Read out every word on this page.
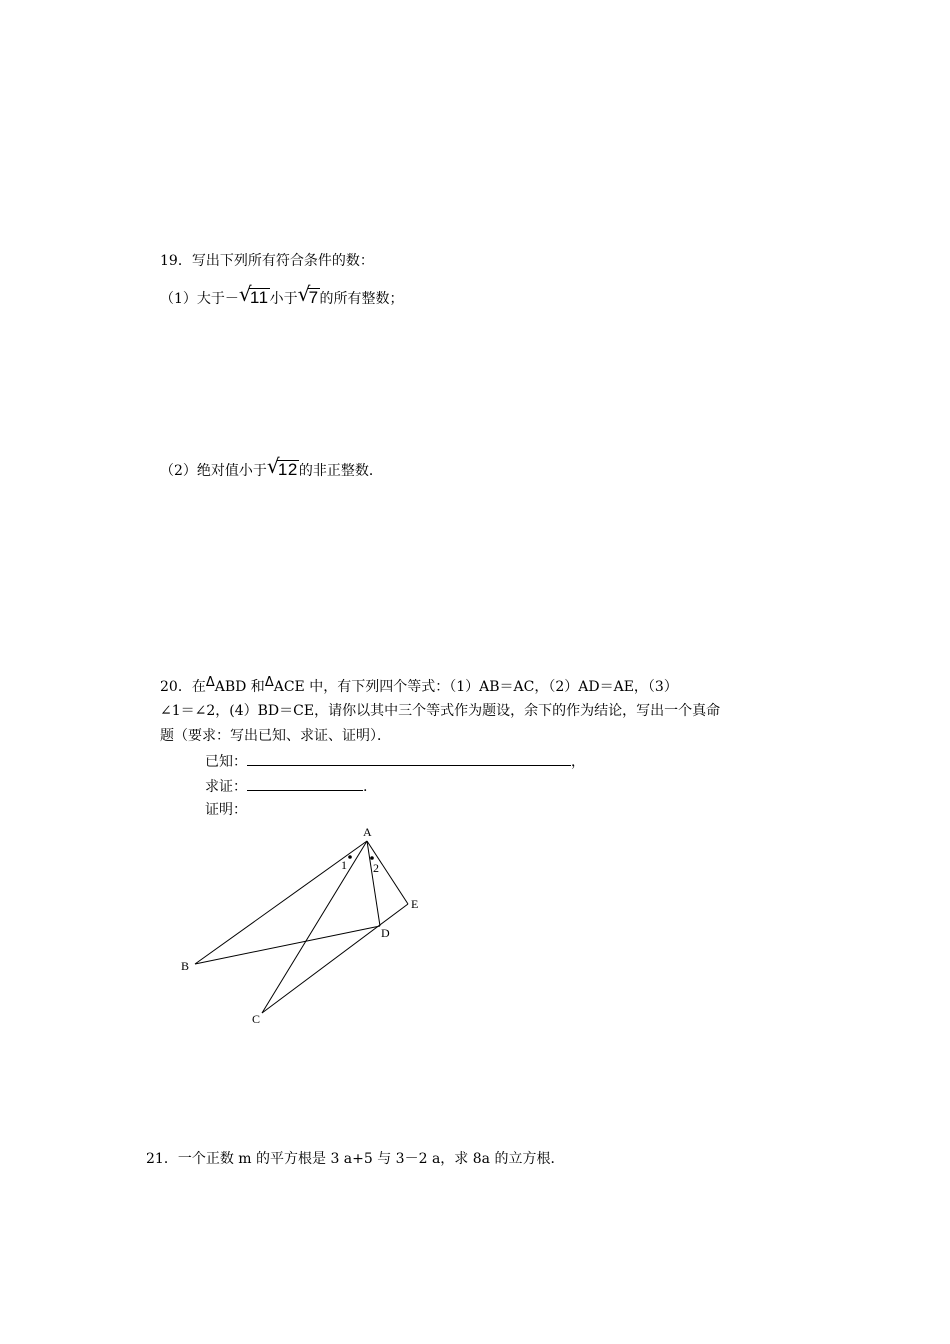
19．写出下列所有符合条件的数：
（1）大于－ √
11小于 √
7的所有整数；
（2）绝对值小于 √
12的非正整数．
20．在ΔABD 和ΔACE 中，有下列四个等式：（1）AB＝AC，（2）AD＝AE，（3）
∠1＝∠2，(4）BD＝CE，请你以其中三个等式作为题设，余下的作为结论，写出一个真命
题（要求：写出已知、求证、证明）．
已知：	，
求证：	.
证明：
A
B
C
D
E
1 2
21．一个正数 m 的平方根是 3 a+5 与 3－2 a，求 8a 的立方根．
